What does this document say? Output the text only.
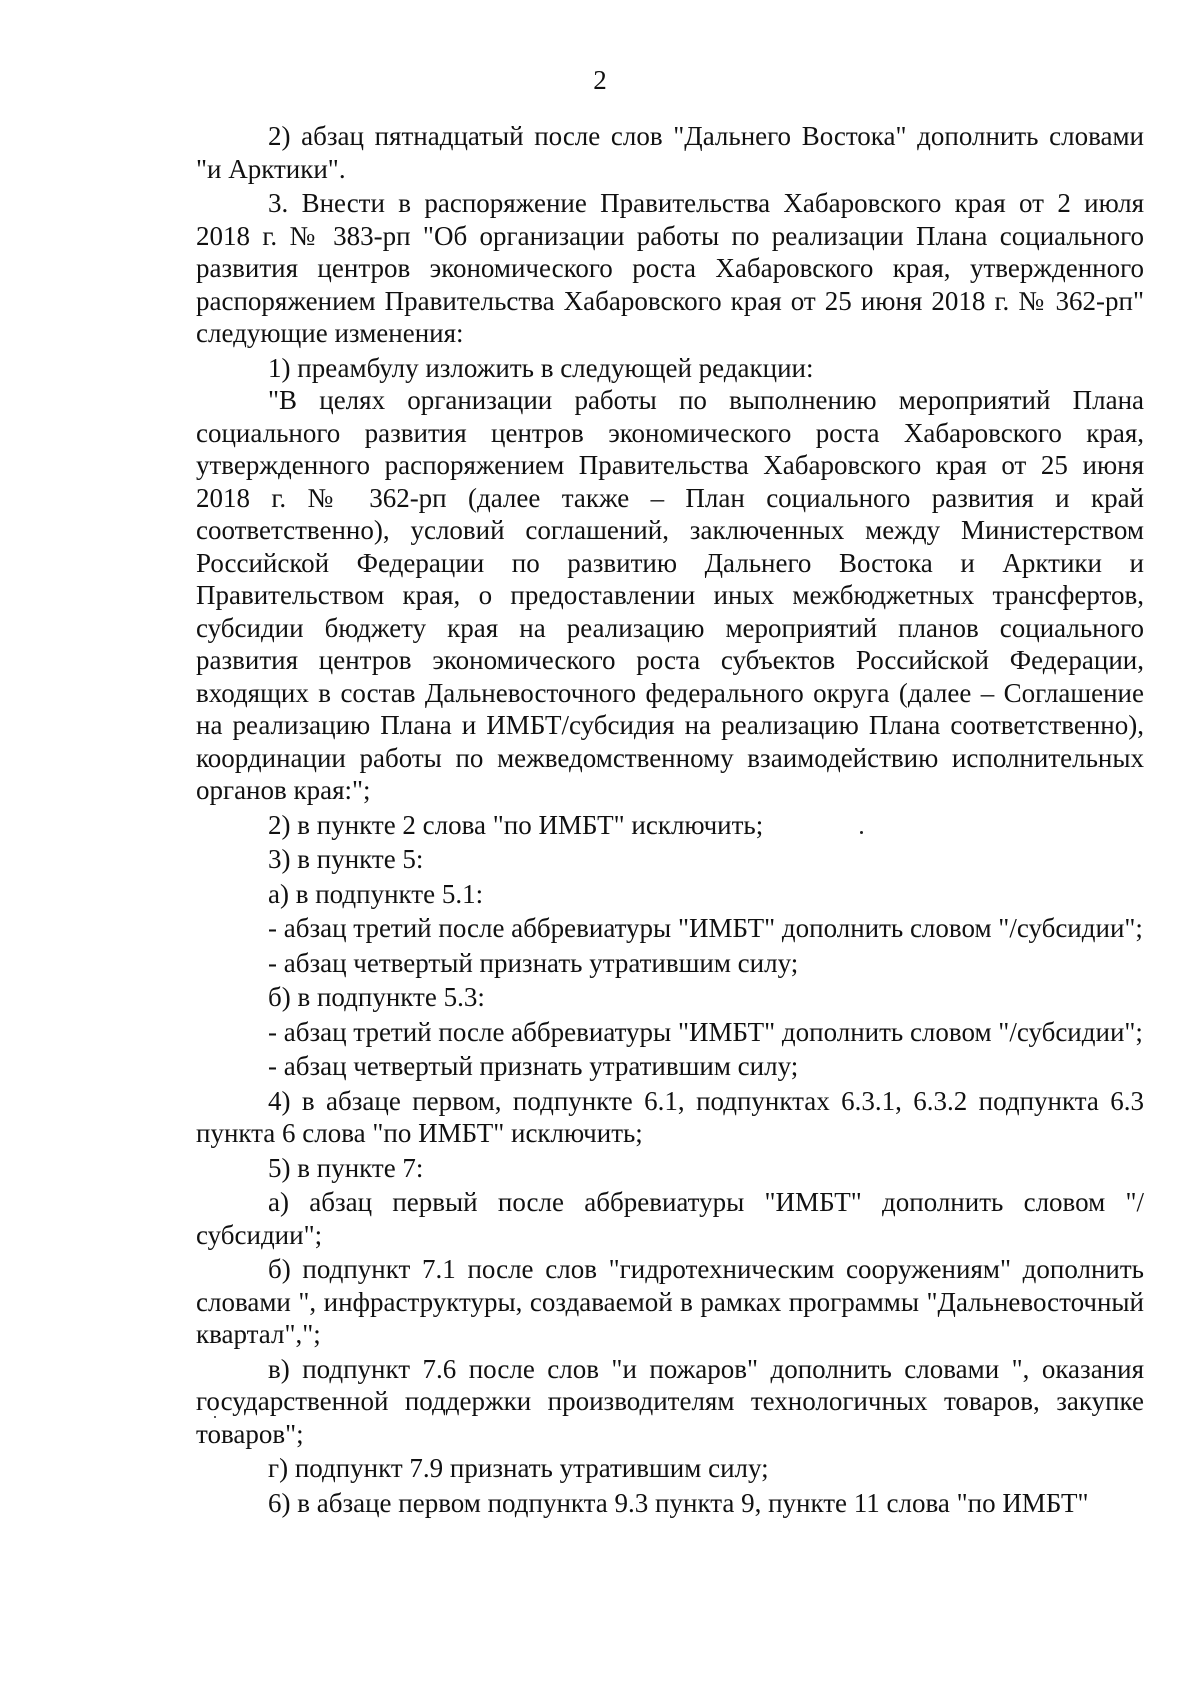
2

2) абзац пятнадцатый после слов "Дальнего Востока" дополнить словами "и Арктики".

3. Внести в распоряжение Правительства Хабаровского края от 2 июля 2018 г. № 383-рп "Об организации работы по реализации Плана социального развития центров экономического роста Хабаровского края, утвержденного распоряжением Правительства Хабаровского края от 25 июня 2018 г. № 362-рп" следующие изменения:

1) преамбулу изложить в следующей редакции:

"В целях организации работы по выполнению мероприятий Плана социального развития центров экономического роста Хабаровского края, утвержденного распоряжением Правительства Хабаровского края от 25 июня 2018 г. № 362-рп (далее также – План социального развития и край соответственно), условий соглашений, заключенных между Министерством Российской Федерации по развитию Дальнего Востока и Арктики и Правительством края, о предоставлении иных межбюджетных трансфертов, субсидии бюджету края на реализацию мероприятий планов социального развития центров экономического роста субъектов Российской Федерации, входящих в состав Дальневосточного федерального округа (далее – Соглашение на реализацию Плана и ИМБТ/субсидия на реализацию Плана соответственно), координации работы по межведомственному взаимодействию исполнительных органов края:";

2) в пункте 2 слова "по ИМБТ" исключить;

3) в пункте 5:

а) в подпункте 5.1:

- абзац третий после аббревиатуры "ИМБТ" дополнить словом "/субсидии";

- абзац четвертый признать утратившим силу;

б) в подпункте 5.3:

- абзац третий после аббревиатуры "ИМБТ" дополнить словом "/субсидии";

- абзац четвертый признать утратившим силу;

4) в абзаце первом, подпункте 6.1, подпунктах 6.3.1, 6.3.2 подпункта 6.3 пункта 6 слова "по ИМБТ" исключить;

5) в пункте 7:

а) абзац первый после аббревиатуры "ИМБТ" дополнить словом "/субсидии";

б) подпункт 7.1 после слов "гидротехническим сооружениям" дополнить словами ", инфраструктуры, создаваемой в рамках программы "Дальневосточный квартал",";

в) подпункт 7.6 после слов "и пожаров" дополнить словами ", оказания государственной поддержки производителям технологичных товаров, закупке товаров";

г) подпункт 7.9 признать утратившим силу;

6) в абзаце первом подпункта 9.3 пункта 9, пункте 11 слова "по ИМБТ"
